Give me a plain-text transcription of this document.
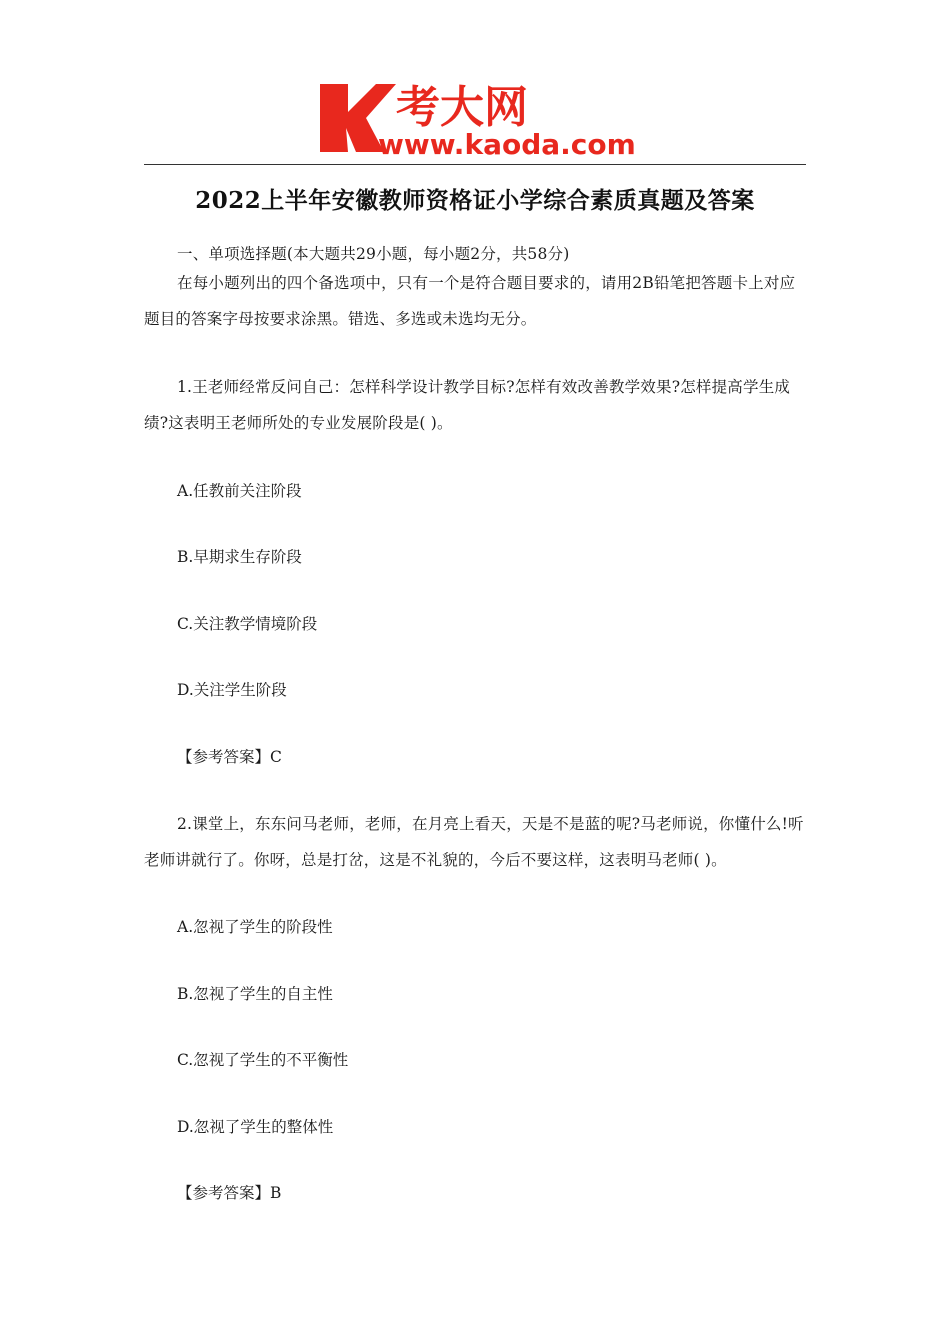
考大网
www.kaoda.com
2022上半年安徽教师资格证小学综合素质真题及答案

一、单项选择题(本大题共29小题，每小题2分，共58分)

在每小题列出的四个备选项中，只有一个是符合题目要求的，请用2B铅笔把答题卡上对应题目的答案字母按要求涂黑。错选、多选或未选均无分。

1.王老师经常反问自己：怎样科学设计教学目标?怎样有效改善教学效果?怎样提高学生成绩?这表明王老师所处的专业发展阶段是( )。

A.任教前关注阶段

B.早期求生存阶段

C.关注教学情境阶段

D.关注学生阶段

【参考答案】C

2.课堂上，东东问马老师，老师，在月亮上看天，天是不是蓝的呢?马老师说，你懂什么!听老师讲就行了。你呀，总是打岔，这是不礼貌的，今后不要这样，这表明马老师( )。

A.忽视了学生的阶段性

B.忽视了学生的自主性

C.忽视了学生的不平衡性

D.忽视了学生的整体性

【参考答案】B
